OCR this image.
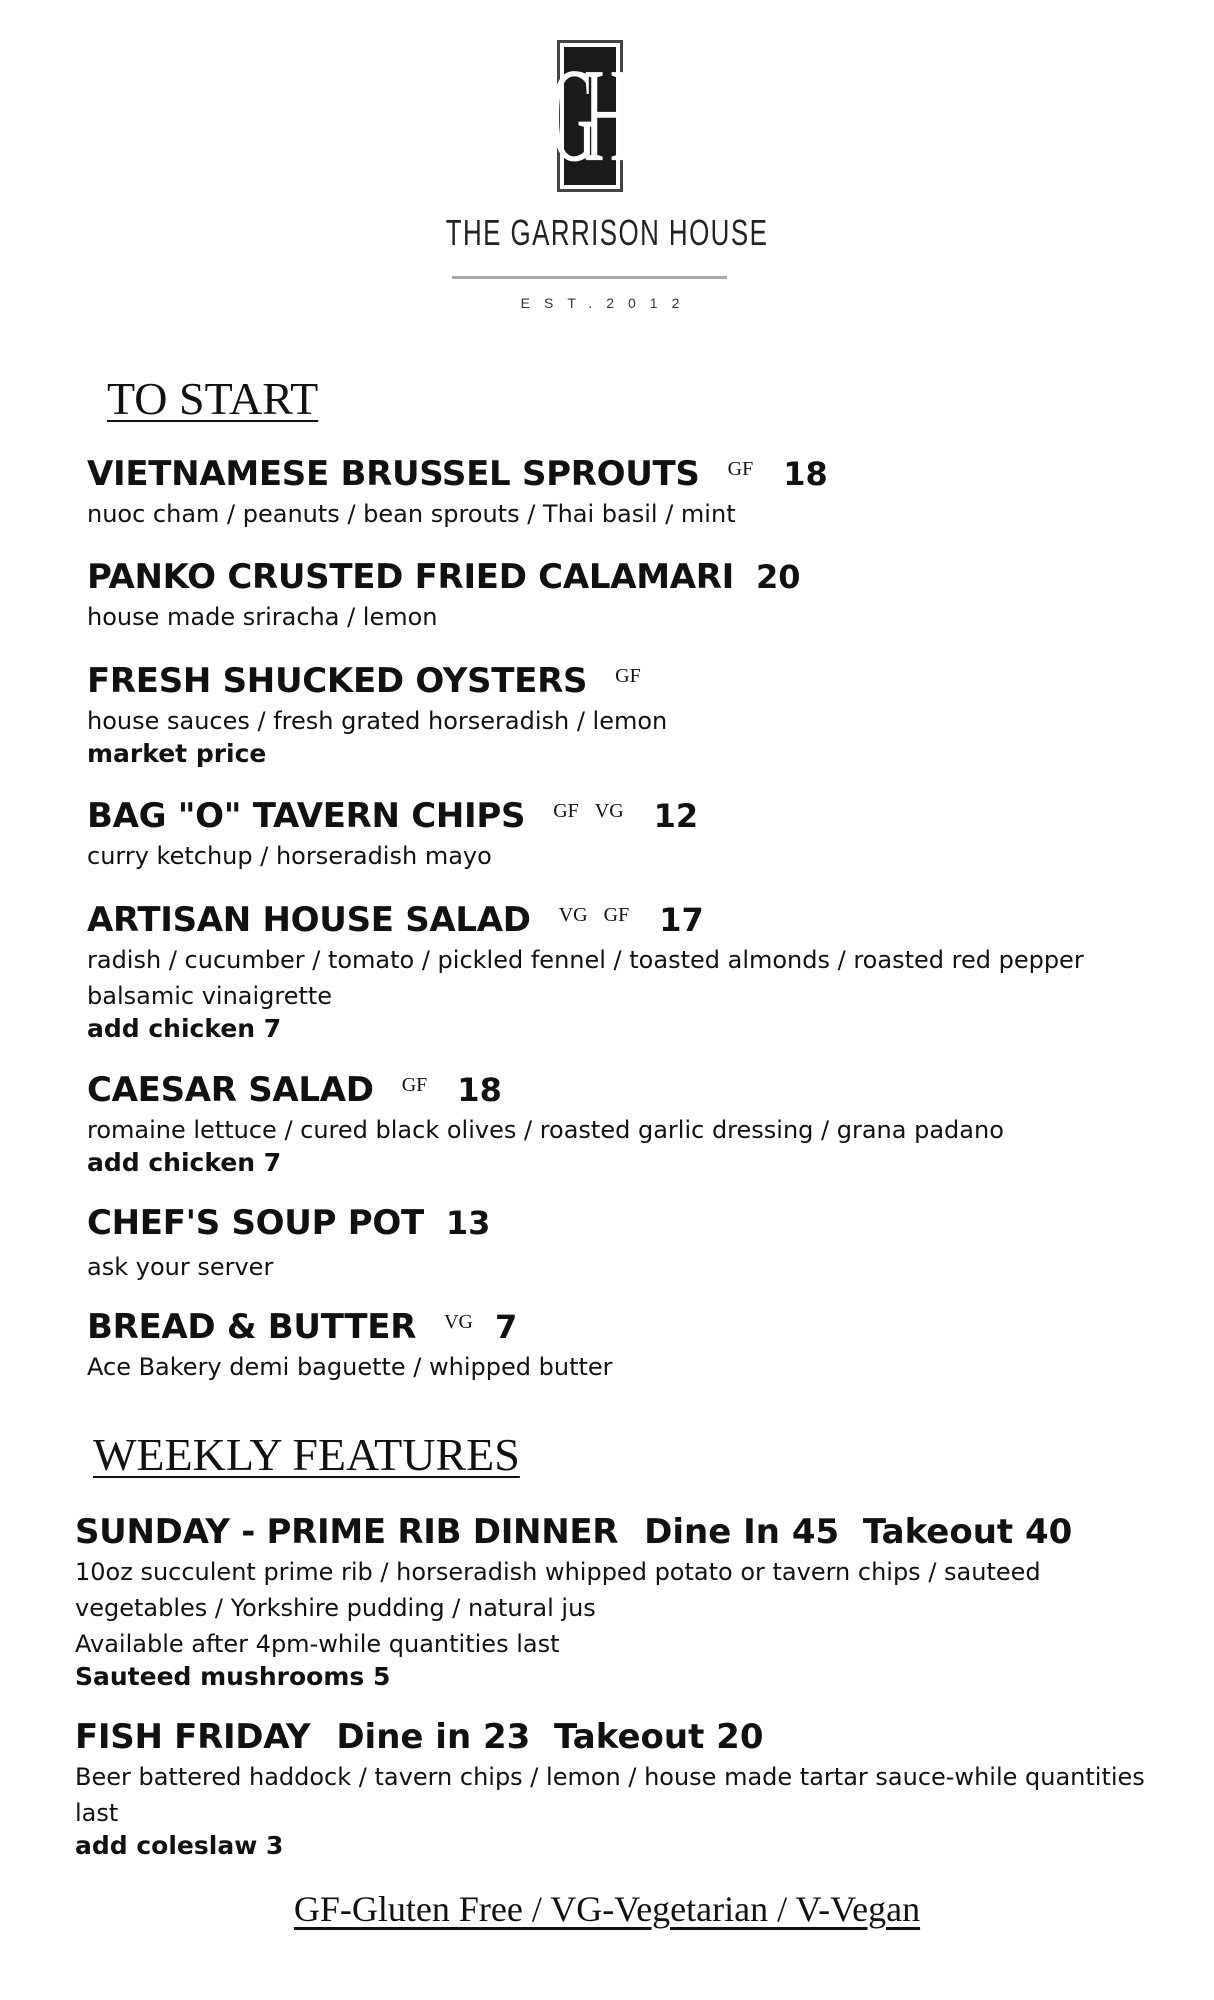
GH
THE GARRISON HOUSE
EST.2012
TO START
VIETNAMESE BRUSSEL SPROUTS GF 18
nuoc cham / peanuts / bean sprouts / Thai basil / mint
PANKO CRUSTED FRIED CALAMARI 20
house made sriracha / lemon
FRESH SHUCKED OYSTERS GF
house sauces / fresh grated horseradish / lemon
market price
BAG "O" TAVERN CHIPS GF VG 12
curry ketchup / horseradish mayo
ARTISAN HOUSE SALAD VG GF 17
radish / cucumber / tomato / pickled fennel / toasted almonds / roasted red pepper
balsamic vinaigrette
add chicken 7
CAESAR SALAD GF 18
romaine lettuce / cured black olives / roasted garlic dressing / grana padano
add chicken 7
CHEF'S SOUP POT 13
ask your server
BREAD & BUTTER VG 7
Ace Bakery demi baguette / whipped butter
WEEKLY FEATURES
SUNDAY - PRIME RIB DINNER Dine In 45  Takeout 40
10oz succulent prime rib / horseradish whipped potato or tavern chips / sauteed
vegetables / Yorkshire pudding / natural jus
Available after 4pm-while quantities last
Sauteed mushrooms 5
FISH FRIDAY Dine in 23  Takeout 20
Beer battered haddock / tavern chips / lemon / house made tartar sauce-while quantities
last
add coleslaw 3
GF-Gluten Free / VG-Vegetarian / V-Vegan
